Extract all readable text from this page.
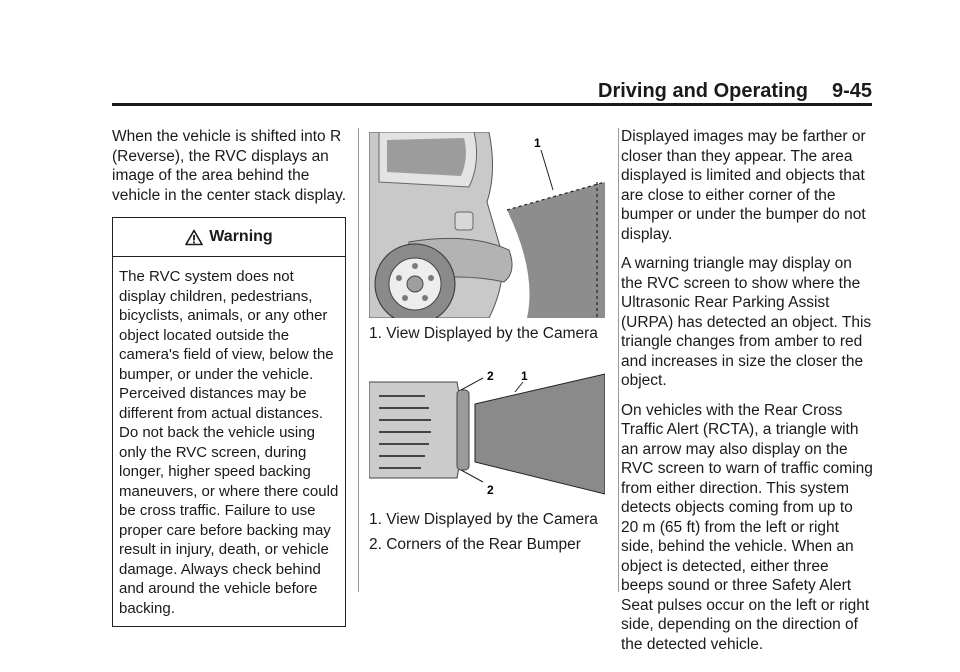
Driving and Operating 9-45

When the vehicle is shifted into R (Reverse), the RVC displays an image of the area behind the vehicle in the center stack display.

Warning
The RVC system does not display children, pedestrians, bicyclists, animals, or any other object located outside the camera's field of view, below the bumper, or under the vehicle. Perceived distances may be different from actual distances. Do not back the vehicle using only the RVC screen, during longer, higher speed backing maneuvers, or where there could be cross traffic. Failure to use proper care before backing may result in injury, death, or vehicle damage. Always check behind and around the vehicle before backing.
1
1. View Displayed by the Camera
2 1
2
1. View Displayed by the Camera
2. Corners of the Rear Bumper

Displayed images may be farther or closer than they appear. The area displayed is limited and objects that are close to either corner of the bumper or under the bumper do not display.

A warning triangle may display on the RVC screen to show where the Ultrasonic Rear Parking Assist (URPA) has detected an object. This triangle changes from amber to red and increases in size the closer the object.

On vehicles with the Rear Cross Traffic Alert (RCTA), a triangle with an arrow may also display on the RVC screen to warn of traffic coming from either direction. This system detects objects coming from up to 20 m (65 ft) from the left or right side, behind the vehicle. When an object is detected, either three beeps sound or three Safety Alert Seat pulses occur on the left or right side, depending on the direction of the detected vehicle.
